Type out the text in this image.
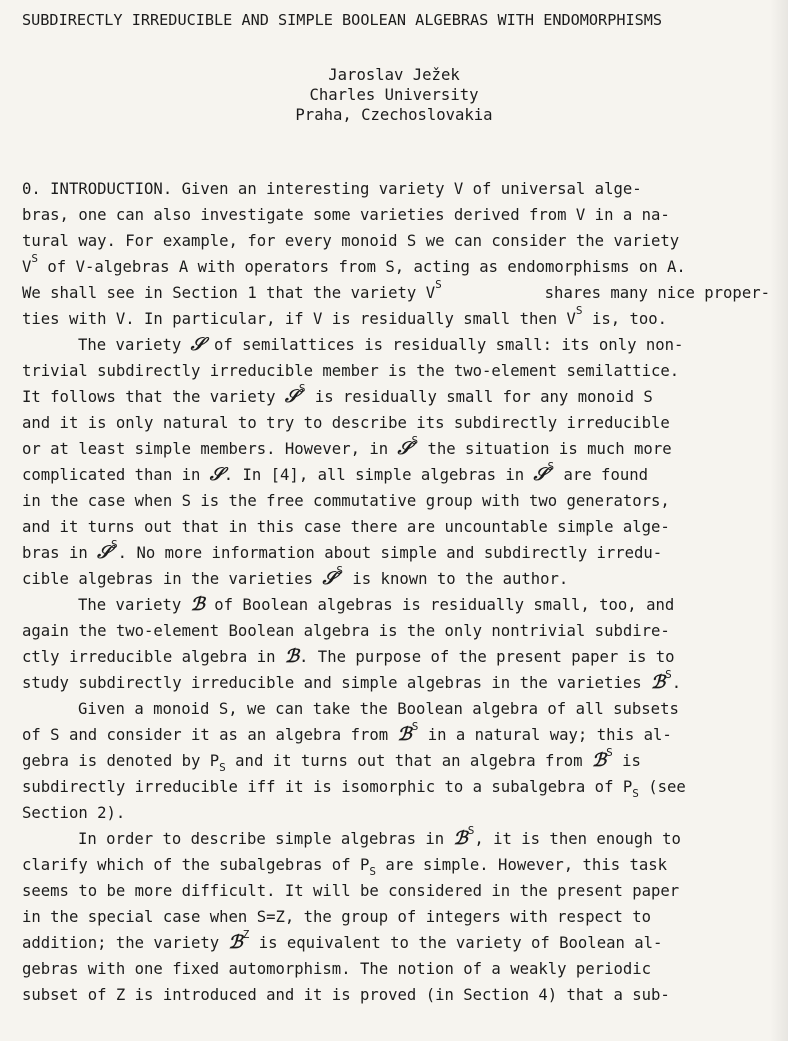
SUBDIRECTLY IRREDUCIBLE AND SIMPLE BOOLEAN ALGEBRAS WITH ENDOMORPHISMS
Jaroslav Ježek
Charles University
Praha, Czechoslovakia
0. INTRODUCTION. Given an interesting variety V of universal alge-
bras, one can also investigate some varieties derived from V in a na-
tural way. For example, for every monoid S we can consider the variety
$V^S$ of V-algebras A with operators from S, acting as endomorphisms on A.
We shall see in Section 1 that the variety $V^S$	shares many nice proper-
ties with V. In particular, if V is residually small then $V^S$ is, too.
The variety 𝒮 of semilattices is residually small: its only non-
trivial subdirectly irreducible member is the two-element semilattice.
It follows that the variety 𝒮$^S$ is residually small for any monoid S
and it is only natural to try to describe its subdirectly irreducible
or at least simple members. However, in 𝒮$^S$ the situation is much more
complicated than in 𝒮. In [4], all simple algebras in 𝒮$^S$ are found
in the case when S is the free commutative group with two generators,
and it turns out that in this case there are uncountable simple alge-
bras in 𝒮$^S$. No more information about simple and subdirectly irredu-
cible algebras in the varieties 𝒮$^S$ is known to the author.
The variety ℬ of Boolean algebras is residually small, too, and
again the two-element Boolean algebra is the only nontrivial subdire-
ctly irreducible algebra in ℬ. The purpose of the present paper is to
study subdirectly irreducible and simple algebras in the varieties ℬ$^S$.
Given a monoid S, we can take the Boolean algebra of all subsets
of S and consider it as an algebra from ℬ$^S$ in a natural way; this al-
gebra is denoted by $P_S$ and it turns out that an algebra from ℬ$^S$ is
subdirectly irreducible iff it is isomorphic to a subalgebra of $P_S$ (see
Section 2).
In order to describe simple algebras in ℬ$^S$, it is then enough to
clarify which of the subalgebras of $P_S$ are simple. However, this task
seems to be more difficult. It will be considered in the present paper
in the special case when S=Z, the group of integers with respect to
addition; the variety ℬ$^Z$ is equivalent to the variety of Boolean al-
gebras with one fixed automorphism. The notion of a weakly periodic
subset of Z is introduced and it is proved (in Section 4) that a sub-
